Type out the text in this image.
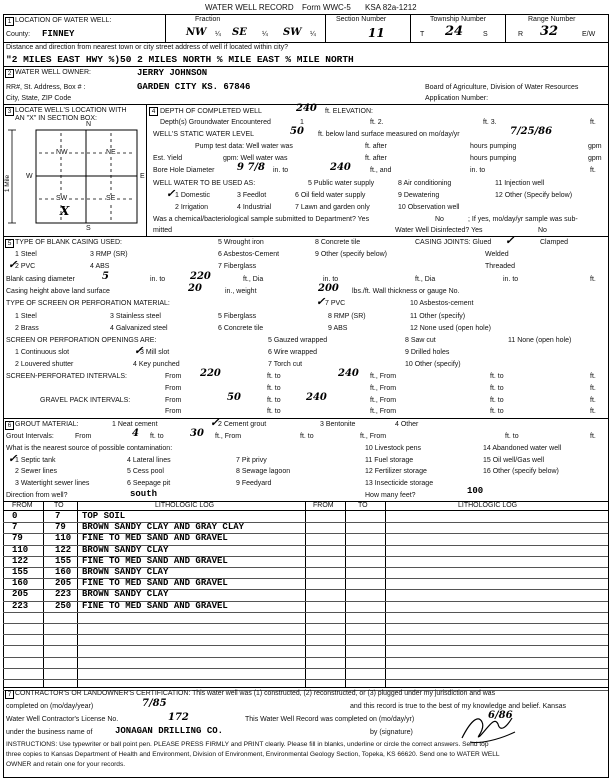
WATER WELL RECORD Form WWC-5 KSA 82a-1212
1 LOCATION OF WATER WELL:	Fraction
County: FINNEY	NW ¼ SE ¼ SW ¼
Section Number
11
Township Number
T 24	S
Range Number
R 32	E/W
Distance and direction from nearest town or city street address of well if located within city?
"2 MILES EAST HWY %)50 2 MILES NORTH % MILE EAST % MILE NORTH
2 WATER WELL OWNER:	JERRY JOHNSON
RR#, St. Address, Box # :	GARDEN CITY KS. 67846
City, State, ZIP Code
Board of Agriculture, Division of Water Resources
Application Number:
3 LOCATE WELL'S LOCATION WITH
AN "X" IN SECTION BOX:
N
S
W	E
1 Mile
NW	NE
SW	SE
X
4 DEPTH OF COMPLETED WELL	240 ft. ELEVATION:
Depth(s) Groundwater Encountered	1	ft. 2.	ft. 3.	ft.
WELL'S STATIC WATER LEVEL	50 ft. below land surface measured on mo/day/yr	7/25/86
Pump test data: Well water was	ft. after	hours pumping	gpm
Est. Yield	gpm: Well water was	ft. after	hours pumping	gpm
Bore Hole Diameter 9 7/8 in. to	240	ft., and	in. to	ft.
WELL WATER TO BE USED AS:	5 Public water supply	8 Air conditioning	11 Injection well
1 Domestic	3 Feedlot	6 Oil field water supply	9 Dewatering	12 Other (Specify below)
2 Irrigation	4 Industrial	7 Lawn and garden only	10 Observation well
✓
Was a chemical/bacteriological sample submitted to Department? Yes	No	; If yes, mo/day/yr sample was sub-
mitted	Water Well Disinfected? Yes	No
5 TYPE OF BLANK CASING USED:	5 Wrought iron	8 Concrete tile	CASING JOINTS: Glued ✓	Clamped
1 Steel	3 RMP (SR)	6 Asbestos-Cement	9 Other (specify below)	Welded
2 PVC
✓	4 ABS	7 Fiberglass	Threaded
Blank casing diameter	5	in. to 220	ft., Dia	in. to	ft., Dia	in. to	ft.
Casing height above land surface	20	in., weight	200 lbs./ft. Wall thickness or gauge No.
TYPE OF SCREEN OR PERFORATION MATERIAL:	7 PVC
✓	10 Asbestos-cement
1 Steel	3 Stainless steel	5 Fiberglass	8 RMP (SR)	11 Other (specify)
2 Brass	4 Galvanized steel	6 Concrete tile	9 ABS	12 None used (open hole)
SCREEN OR PERFORATION OPENINGS ARE:	5 Gauzed wrapped	8 Saw cut	11 None (open hole)
1 Continuous slot	3 Mill slot
✓	6 Wire wrapped	9 Drilled holes
2 Louvered shutter	4 Key punched	7 Torch cut	10 Other (specify)
SCREEN-PERFORATED INTERVALS:	From 220	ft. to	240 ft., From	ft. to	ft.
From	ft. to	ft., From	ft. to	ft.
GRAVEL PACK INTERVALS:	From	50	ft. to	240	ft., From	ft. to	ft.
From	ft. to	ft., From	ft. to	ft.
6 GROUT MATERIAL:	1 Neat cement	2 Cement grout
✓	3 Bentonite	4 Other
Grout Intervals:	From	4 ft. to	30 ft., From	ft. to	ft., From	ft. to	ft.
What is the nearest source of possible contamination:	10 Livestock pens	14 Abandoned water well
1 Septic tank
✓	4 Lateral lines	7 Pit privy	11 Fuel storage	15 Oil well/Gas well
2 Sewer lines	5 Cess pool	8 Sewage lagoon	12 Fertilizer storage	16 Other (specify below)
3 Watertight sewer lines	6 Seepage pit	9 Feedyard	13 Insecticide storage
Direction from well?	south	How many feet?	100
FROM	TO	LITHOLOGIC LOG	FROM	TO	LITHOLOGIC LOG
0	7 TOP SOIL
7	79 BROWN SANDY CLAY AND GRAY CLAY
79	110 FINE TO MED SAND AND GRAVEL
110	122 BROWN SANDY CLAY
122	155 FINE TO MED SAND AND GRAVEL
155	160 BROWN SANDY CLAY
160	205 FINE TO MED SAND AND GRAVEL
205	223 BROWN SANDY CLAY
223	250 FINE TO MED SAND AND GRAVEL
7 CONTRACTOR'S OR LANDOWNER'S CERTIFICATION: This water well was (1) constructed, (2) reconstructed, or (3) plugged under my jurisdiction and was
completed on (mo/day/year)	7/85	and this record is true to the best of my knowledge and belief. Kansas
Water Well Contractor's License No.	172	This Water Well Record was completed on (mo/day/yr)	6/86
under the business name of	JONAGAN DRILLING CO.	by (signature)
INSTRUCTIONS: Use typewriter or ball point pen. PLEASE PRESS FIRMLY and PRINT clearly. Please fill in blanks, underline or circle the correct answers. Send top
three copies to Kansas Department of Health and Environment, Division of Environment, Environmental Geology Section, Topeka, KS 66620. Send one to WATER WELL
OWNER and retain one for your records.
